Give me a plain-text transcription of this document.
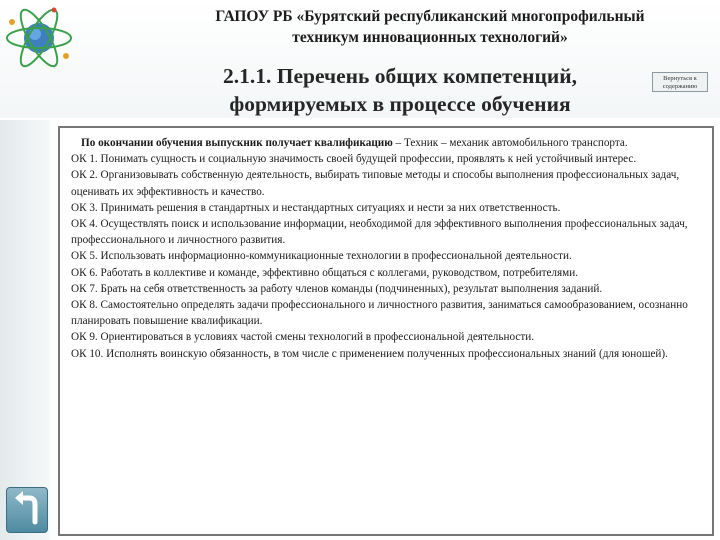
ГАПОУ РБ «Бурятский республиканский многопрофильный
техникум инновационных технологий»
2.1.1. Перечень общих компетенций,
формируемых в процессе обучения
Вернуться к
содержанию

По окончании обучения выпускник получает квалификацию – Техник – механик автомобильного транспорта.

ОК 1. Понимать сущность и социальную значимость своей будущей профессии, проявлять к ней устойчивый интерес.

ОК 2. Организовывать собственную деятельность, выбирать типовые методы и способы выполнения профессиональных задач, оценивать их эффективность и качество.

ОК 3. Принимать решения в стандартных и нестандартных ситуациях и нести за них ответственность.

ОК 4. Осуществлять поиск и использование информации, необходимой для эффективного выполнения профессиональных задач, профессионального и личностного развития.

ОК 5. Использовать информационно-коммуникационные технологии в профессиональной деятельности.

ОК 6. Работать в коллективе и команде, эффективно общаться с коллегами, руководством, потребителями.

ОК 7. Брать на себя ответственность за работу членов команды (подчиненных), результат выполнения заданий.

ОК 8. Самостоятельно определять задачи профессионального и личностного развития, заниматься самообразованием, осознанно планировать повышение квалификации.

ОК 9. Ориентироваться в условиях частой смены технологий в профессиональной деятельности.

ОК 10. Исполнять воинскую обязанность, в том числе с применением полученных профессиональных знаний (для юношей).
